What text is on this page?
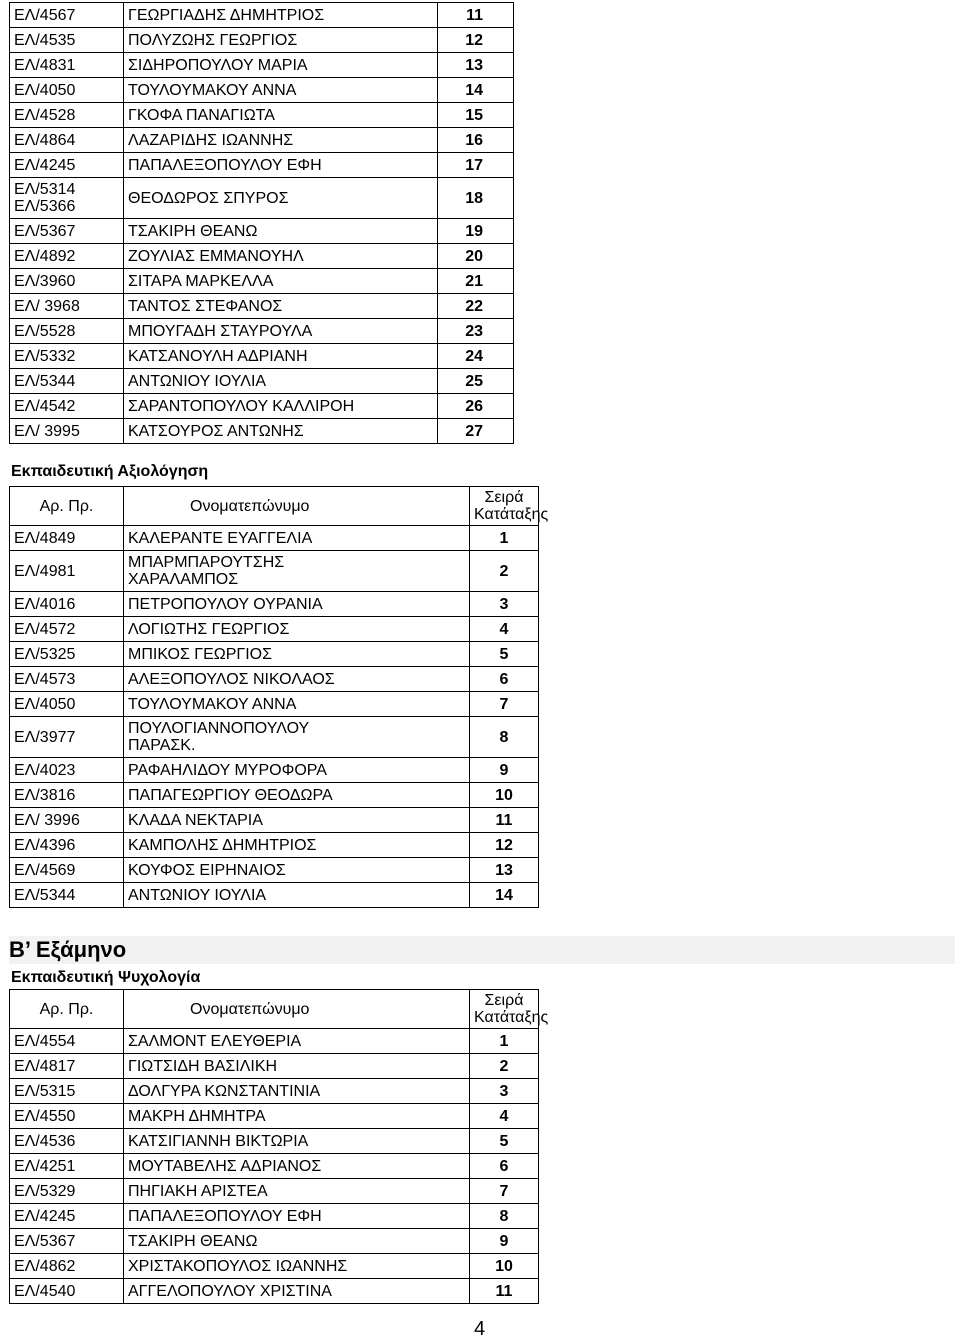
ΕΛ/4567	ΓΕΩΡΓΙΑΔΗΣ ΔΗΜΗΤΡΙΟΣ	11
ΕΛ/4535	ΠΟΛΥΖΩΗΣ ΓΕΩΡΓΙΟΣ	12
ΕΛ/4831	ΣΙΔΗΡΟΠΟΥΛΟΥ ΜΑΡΙΑ	13
ΕΛ/4050	ΤΟΥΛΟΥΜΑΚΟΥ ΑΝΝΑ	14
ΕΛ/4528	ΓΚΟΦΑ ΠΑΝΑΓΙΩΤΑ	15
ΕΛ/4864	ΛΑΖΑΡΙΔΗΣ ΙΩΑΝΝΗΣ	16
ΕΛ/4245	ΠΑΠΑΛΕΞΟΠΟΥΛΟΥ ΕΦΗ	17

ΕΛ/5314
ΕΛ/5366	ΘΕΟΔΩΡΟΣ ΣΠΥΡΟΣ	18
ΕΛ/5367	ΤΣΑΚΙΡΗ ΘΕΑΝΩ	19
ΕΛ/4892	ΖΟΥΛΙΑΣ ΕΜΜΑΝΟΥΗΛ	20
ΕΛ/3960	ΣΙΤΑΡΑ ΜΑΡΚΕΛΛΑ	21
ΕΛ/ 3968	ΤΑΝΤΟΣ ΣΤΕΦΑΝΟΣ	22
ΕΛ/5528	ΜΠΟΥΓΑΔΗ ΣΤΑΥΡΟΥΛΑ	23
ΕΛ/5332	ΚΑΤΣΑΝΟΥΛΗ ΑΔΡΙΑΝΗ	24
ΕΛ/5344	ΑΝΤΩΝΙΟΥ ΙΟΥΛΙΑ	25
ΕΛ/4542	ΣΑΡΑΝΤΟΠΟΥΛΟΥ ΚΑΛΛΙΡΟΗ	26
ΕΛ/ 3995	ΚΑΤΣΟΥΡΟΣ ΑΝΤΩΝΗΣ	27
Εκπαιδευτική Αξιολόγηση
Αρ. Πρ.	Ονοματεπώνυμο	Σειρά
Κατάταξης

ΕΛ/4849	ΚΑΛΕΡΑΝΤΕ ΕΥΑΓΓΕΛΙΑ	1
ΕΛ/4981	ΜΠΑΡΜΠΑΡΟΥΤΣΗΣ
ΧΑΡΑΛΑΜΠΟΣ	2
ΕΛ/4016	ΠΕΤΡΟΠΟΥΛΟΥ ΟΥΡΑΝΙΑ	3
ΕΛ/4572	ΛΟΓΙΩΤΗΣ ΓΕΩΡΓΙΟΣ	4
ΕΛ/5325	ΜΠΙΚΟΣ ΓΕΩΡΓΙΟΣ	5
ΕΛ/4573	ΑΛΕΞΟΠΟΥΛΟΣ ΝΙΚΟΛΑΟΣ	6
ΕΛ/4050	ΤΟΥΛΟΥΜΑΚΟΥ ΑΝΝΑ	7
ΕΛ/3977	ΠΟΥΛΟΓΙΑΝΝΟΠΟΥΛΟΥ
ΠΑΡΑΣΚ.	8
ΕΛ/4023	ΡΑΦΑΗΛΙΔΟΥ ΜΥΡΟΦΟΡΑ	9
ΕΛ/3816	ΠΑΠΑΓΕΩΡΓΙΟΥ ΘΕΟΔΩΡΑ	10
ΕΛ/ 3996	ΚΛΑΔΑ ΝΕΚΤΑΡΙΑ	11
ΕΛ/4396	ΚΑΜΠΟΛΗΣ ΔΗΜΗΤΡΙΟΣ	12
ΕΛ/4569	ΚΟΥΦΟΣ ΕΙΡΗΝΑΙΟΣ	13
ΕΛ/5344	ΑΝΤΩΝΙΟΥ ΙΟΥΛΙΑ	14
Β’ Εξάμηνο
Εκπαιδευτική Ψυχολογία
Αρ. Πρ.	Ονοματεπώνυμο	Σειρά
Κατάταξης

ΕΛ/4554	ΣΑΛΜΟΝΤ ΕΛΕΥΘΕΡΙΑ	1
ΕΛ/4817	ΓΙΩΤΣΙΔΗ ΒΑΣΙΛΙΚΗ	2
ΕΛ/5315	ΔΟΛΓΥΡΑ ΚΩΝΣΤΑΝΤΙΝΙΑ	3
ΕΛ/4550	ΜΑΚΡΗ ΔΗΜΗΤΡΑ	4
ΕΛ/4536	ΚΑΤΣΙΓΙΑΝΝΗ ΒΙΚΤΩΡΙΑ	5
ΕΛ/4251	ΜΟΥΤΑΒΕΛΗΣ ΑΔΡΙΑΝΟΣ	6
ΕΛ/5329	ΠΗΓΙΑΚΗ ΑΡΙΣΤΕΑ	7
ΕΛ/4245	ΠΑΠΑΛΕΞΟΠΟΥΛΟΥ ΕΦΗ	8
ΕΛ/5367	ΤΣΑΚΙΡΗ ΘΕΑΝΩ	9
ΕΛ/4862	ΧΡΙΣΤΑΚΟΠΟΥΛΟΣ ΙΩΑΝΝΗΣ	10
ΕΛ/4540	ΑΓΓΕΛΟΠΟΥΛΟΥ ΧΡΙΣΤΙΝΑ	11
4
